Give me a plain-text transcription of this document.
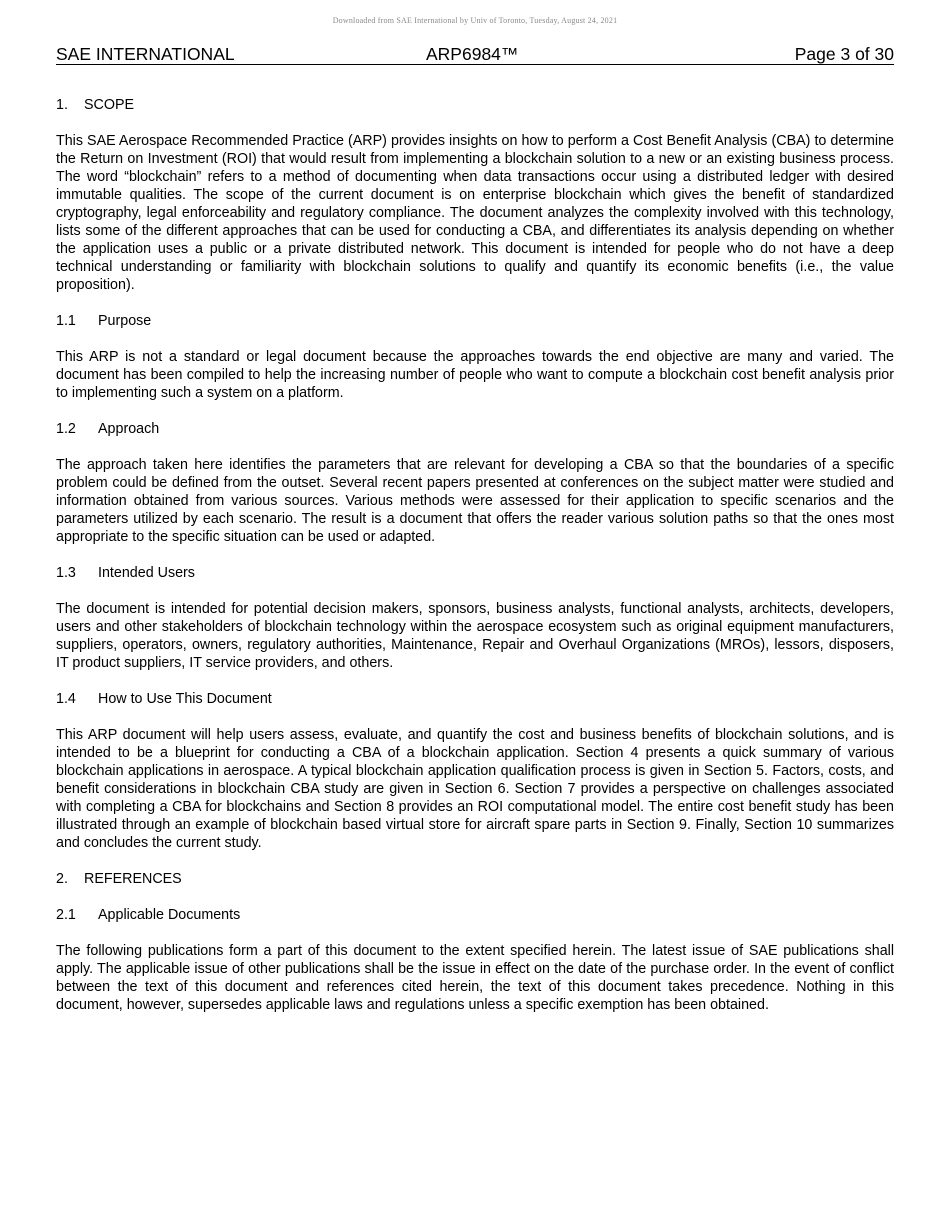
Downloaded from SAE International by Univ of Toronto, Tuesday, August 24, 2021
SAE INTERNATIONAL	ARP6984™	Page 3 of 30
1. SCOPE

This SAE Aerospace Recommended Practice (ARP) provides insights on how to perform a Cost Benefit Analysis (CBA) to determine the Return on Investment (ROI) that would result from implementing a blockchain solution to a new or an existing business process. The word “blockchain” refers to a method of documenting when data transactions occur using a distributed ledger with desired immutable qualities. The scope of the current document is on enterprise blockchain which gives the benefit of standardized cryptography, legal enforceability and regulatory compliance. The document analyzes the complexity involved with this technology, lists some of the different approaches that can be used for conducting a CBA, and differentiates its analysis depending on whether the application uses a public or a private distributed network. This document is intended for people who do not have a deep technical understanding or familiarity with blockchain solutions to qualify and quantify its economic benefits (i.e., the value proposition).

1.1 Purpose

This ARP is not a standard or legal document because the approaches towards the end objective are many and varied. The document has been compiled to help the increasing number of people who want to compute a blockchain cost benefit analysis prior to implementing such a system on a platform.

1.2 Approach

The approach taken here identifies the parameters that are relevant for developing a CBA so that the boundaries of a specific problem could be defined from the outset. Several recent papers presented at conferences on the subject matter were studied and information obtained from various sources. Various methods were assessed for their application to specific scenarios and the parameters utilized by each scenario. The result is a document that offers the reader various solution paths so that the ones most appropriate to the specific situation can be used or adapted.

1.3 Intended Users

The document is intended for potential decision makers, sponsors, business analysts, functional analysts, architects, developers, users and other stakeholders of blockchain technology within the aerospace ecosystem such as original equipment manufacturers, suppliers, operators, owners, regulatory authorities, Maintenance, Repair and Overhaul Organizations (MROs), lessors, disposers, IT product suppliers, IT service providers, and others.

1.4 How to Use This Document

This ARP document will help users assess, evaluate, and quantify the cost and business benefits of blockchain solutions, and is intended to be a blueprint for conducting a CBA of a blockchain application. Section 4 presents a quick summary of various blockchain applications in aerospace. A typical blockchain application qualification process is given in Section 5. Factors, costs, and benefit considerations in blockchain CBA study are given in Section 6. Section 7 provides a perspective on challenges associated with completing a CBA for blockchains and Section 8 provides an ROI computational model. The entire cost benefit study has been illustrated through an example of blockchain based virtual store for aircraft spare parts in Section 9. Finally, Section 10 summarizes and concludes the current study.

2. REFERENCES
2.1 Applicable Documents

The following publications form a part of this document to the extent specified herein. The latest issue of SAE publications shall apply. The applicable issue of other publications shall be the issue in effect on the date of the purchase order. In the event of conflict between the text of this document and references cited herein, the text of this document takes precedence. Nothing in this document, however, supersedes applicable laws and regulations unless a specific exemption has been obtained.
